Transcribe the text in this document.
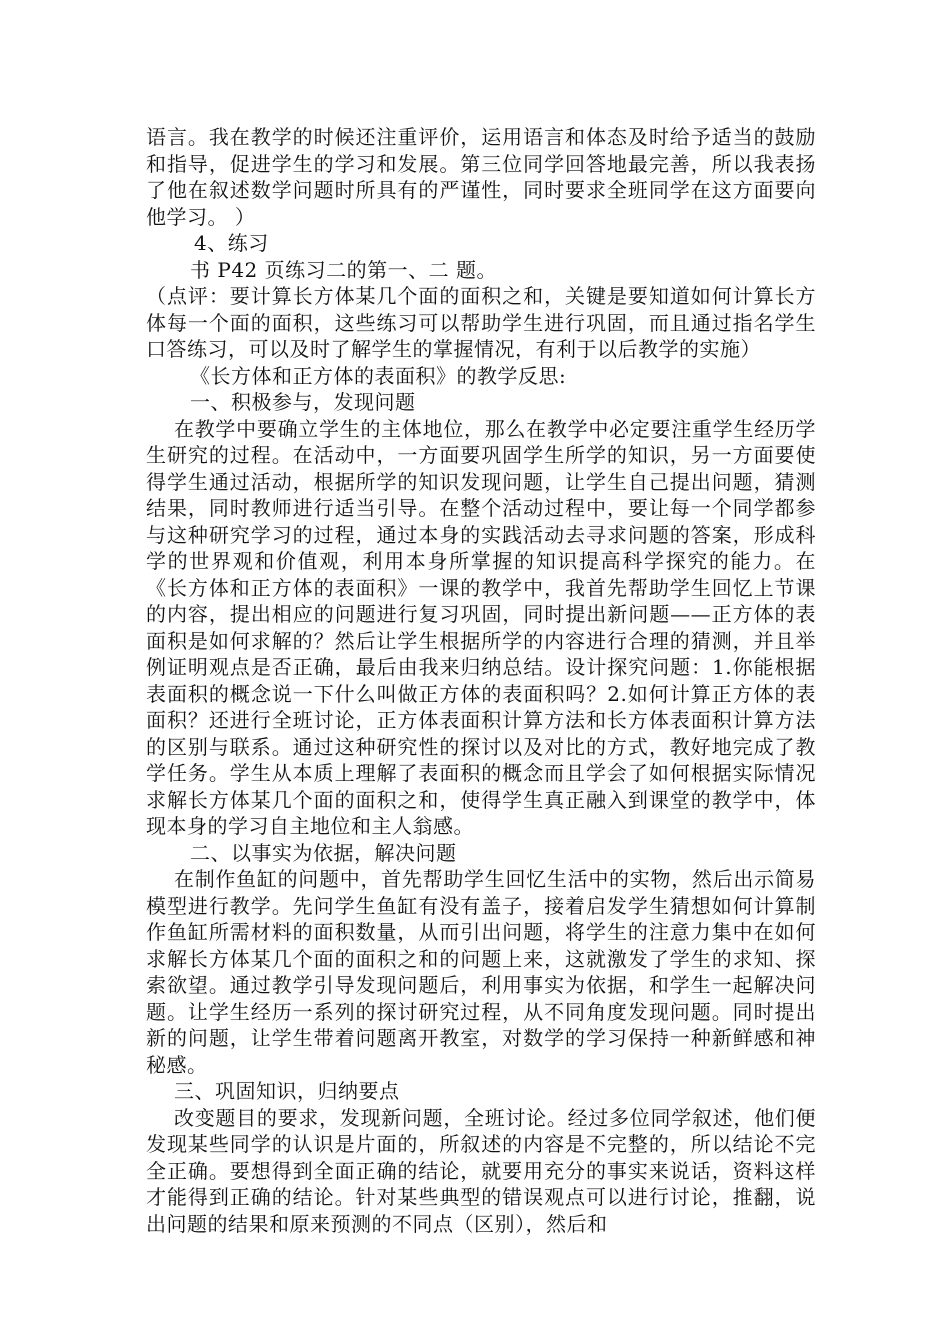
语言。我在教学的时候还注重评价，运用语言和体态及时给予适当的鼓励和指导，促进学生的学习和发展。第三位同学回答地最完善，所以我表扬了他在叙述数学问题时所具有的严谨性，同时要求全班同学在这方面要向他学习。 ）

4、练习

书 P42 页练习二的第一、二 题。

（点评：要计算长方体某几个面的面积之和，关键是要知道如何计算长方体每一个面的面积，这些练习可以帮助学生进行巩固，而且通过指名学生口答练习，可以及时了解学生的掌握情况，有利于以后教学的实施）

《长方体和正方体的表面积》的教学反思:

一、积极参与，发现问题

在教学中要确立学生的主体地位，那么在教学中必定要注重学生经历学生研究的过程。在活动中，一方面要巩固学生所学的知识，另一方面要使得学生通过活动，根据所学的知识发现问题，让学生自己提出问题，猜测结果，同时教师进行适当引导。在整个活动过程中，要让每一个同学都参与这种研究学习的过程，通过本身的实践活动去寻求问题的答案，形成科学的世界观和价值观，利用本身所掌握的知识提高科学探究的能力。在《长方体和正方体的表面积》一课的教学中，我首先帮助学生回忆上节课的内容，提出相应的问题进行复习巩固，同时提出新问题——正方体的表面积是如何求解的？然后让学生根据所学的内容进行合理的猜测，并且举例证明观点是否正确，最后由我来归纳总结。设计探究问题：1.你能根据表面积的概念说一下什么叫做正方体的表面积吗？2.如何计算正方体的表面积？还进行全班讨论，正方体表面积计算方法和长方体表面积计算方法的区别与联系。通过这种研究性的探讨以及对比的方式，教好地完成了教学任务。学生从本质上理解了表面积的概念而且学会了如何根据实际情况求解长方体某几个面的面积之和，使得学生真正融入到课堂的教学中，体现本身的学习自主地位和主人翁感。

二、以事实为依据，解决问题

在制作鱼缸的问题中，首先帮助学生回忆生活中的实物，然后出示简易模型进行教学。先问学生鱼缸有没有盖子，接着启发学生猜想如何计算制作鱼缸所需材料的面积数量，从而引出问题，将学生的注意力集中在如何求解长方体某几个面的面积之和的问题上来，这就激发了学生的求知、探索欲望。通过教学引导发现问题后，利用事实为依据，和学生一起解决问题。让学生经历一系列的探讨研究过程，从不同角度发现问题。同时提出新的问题，让学生带着问题离开教室，对数学的学习保持一种新鲜感和神秘感。

三、巩固知识，归纳要点

改变题目的要求，发现新问题，全班讨论。经过多位同学叙述，他们便发现某些同学的认识是片面的，所叙述的内容是不完整的，所以结论不完全正确。要想得到全面正确的结论，就要用充分的事实来说话，资料这样才能得到正确的结论。针对某些典型的错误观点可以进行讨论，推翻，说出问题的结果和原来预测的不同点（区别），然后和
